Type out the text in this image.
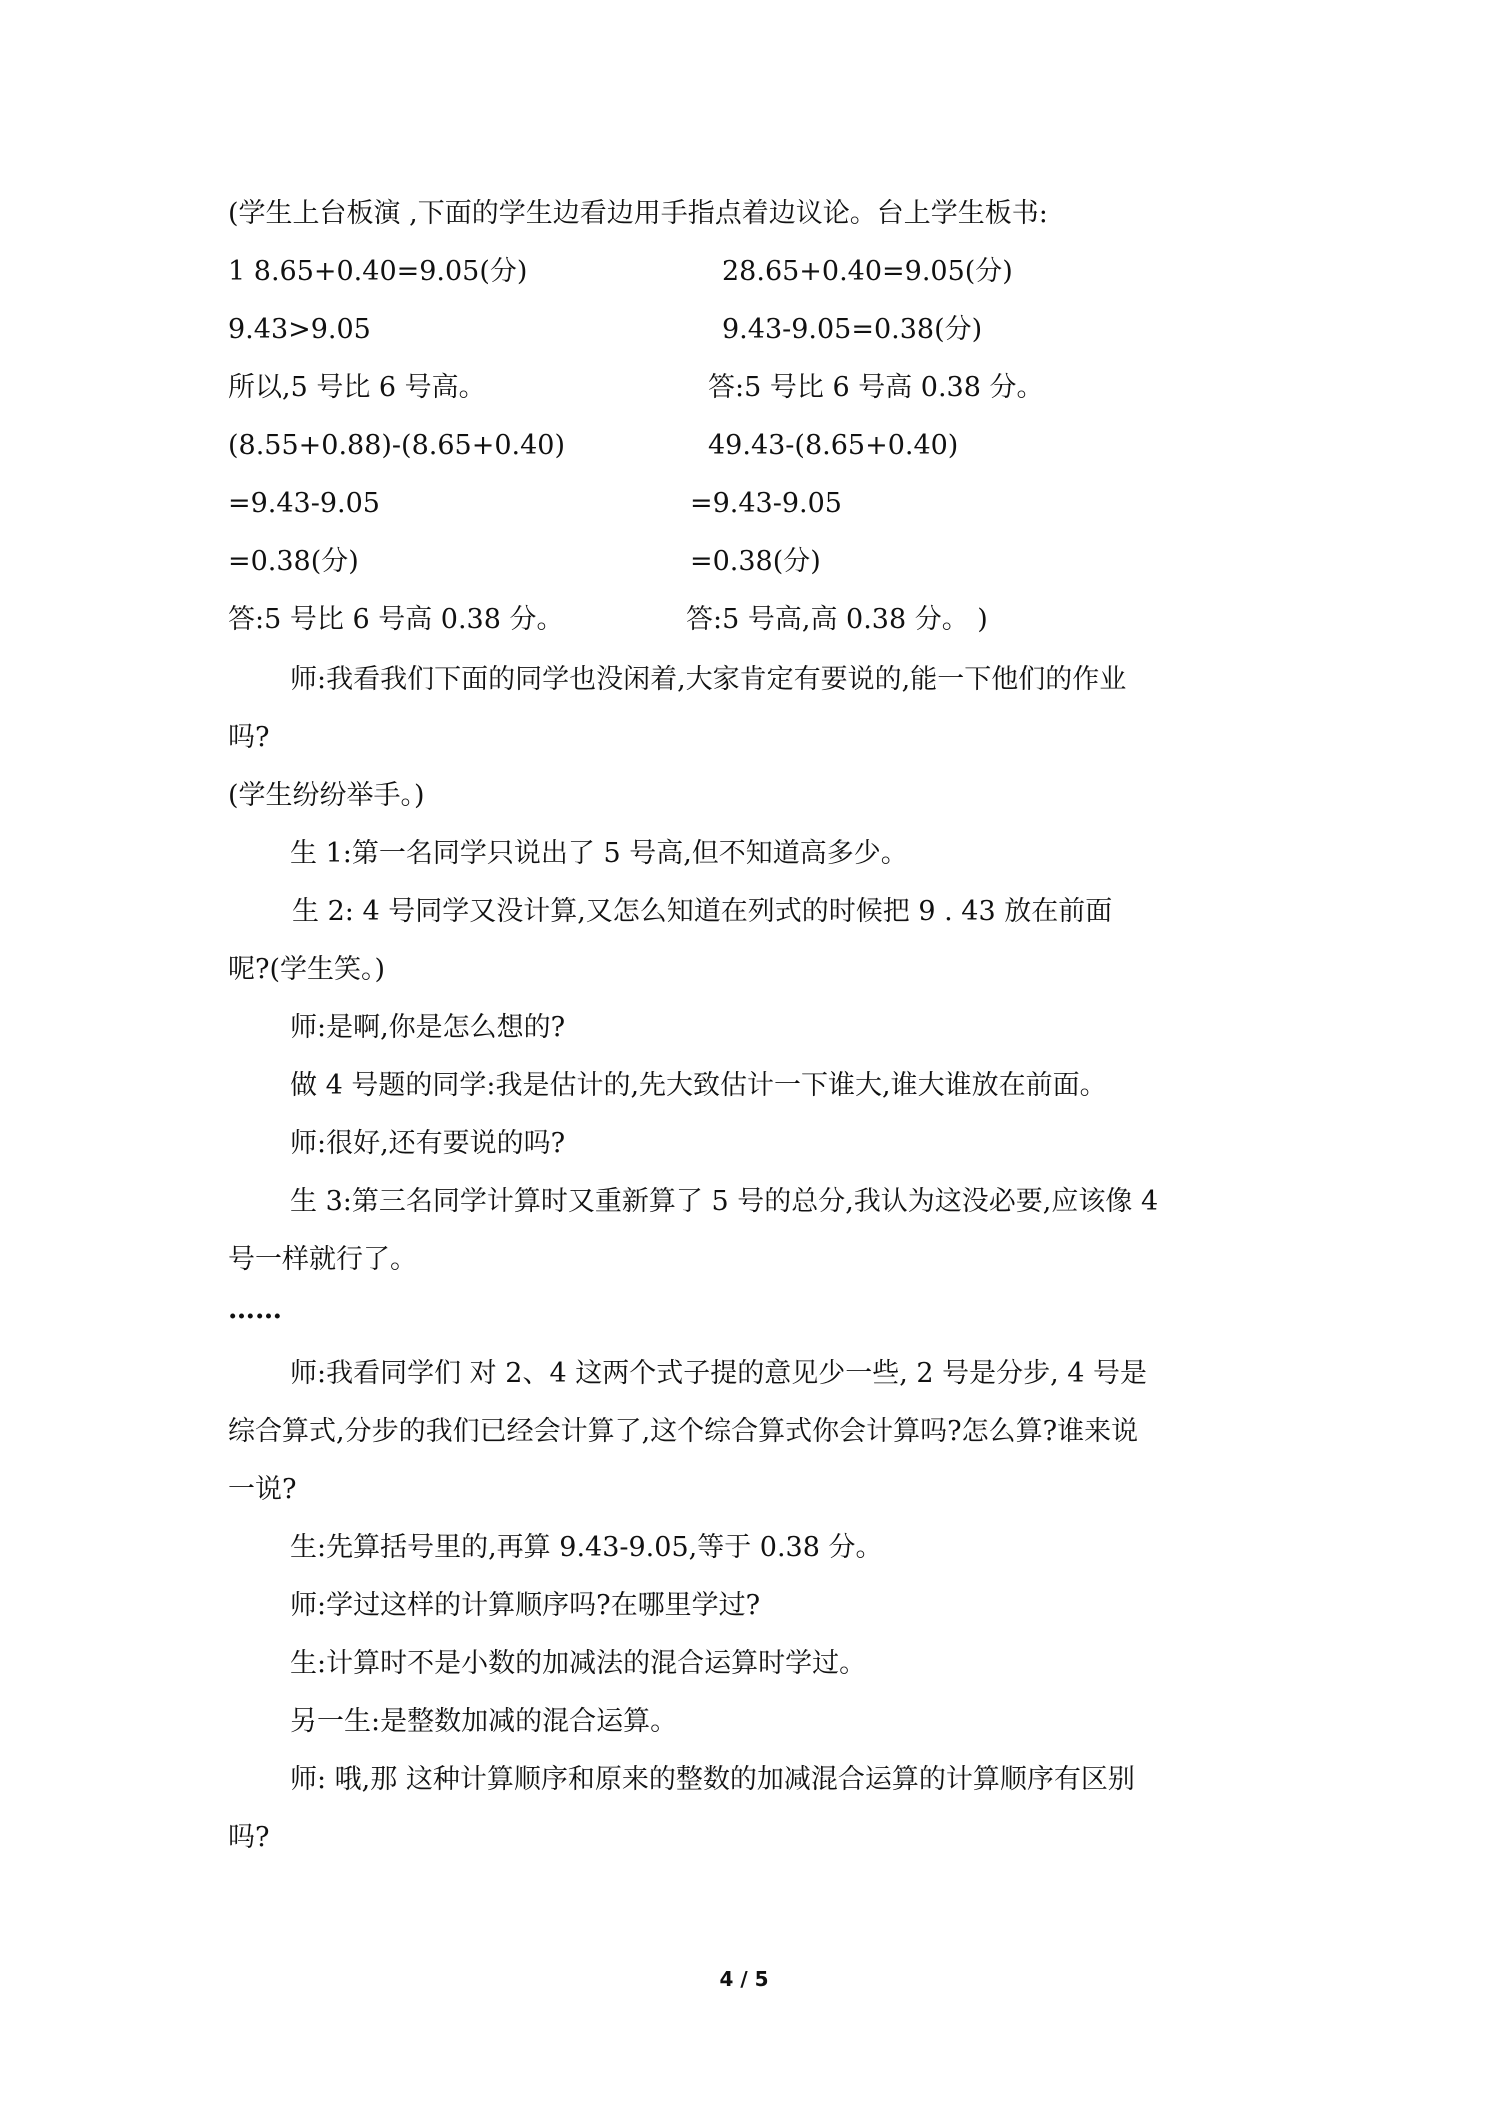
(学生上台板演 ,下面的学生边看边用手指点着边议论。台上学生板书:
1 8.65+0.40=9.05(分)	28.65+0.40=9.05(分)
9.43>9.05	9.43-9.05=0.38(分)
所以,5 号比 6 号高。	答:5 号比 6 号高 0.38 分。
(8.55+0.88)-(8.65+0.40)	49.43-(8.65+0.40)
=9.43-9.05	=9.43-9.05
=0.38(分)	=0.38(分)
答:5 号比 6 号高 0.38 分。	答:5 号高,高 0.38 分。 )
师:我看我们下面的同学也没闲着,大家肯定有要说的,能一下他们的作业
吗?
(学生纷纷举手。)
生 1:第一名同学只说出了 5 号高,但不知道高多少。
生 2: 4 号同学又没计算,又怎么知道在列式的时候把 9 . 43 放在前面
呢?(学生笑。)
师:是啊,你是怎么想的?
做 4 号题的同学:我是估计的,先大致估计一下谁大,谁大谁放在前面。
师:很好,还有要说的吗?
生 3:第三名同学计算时又重新算了 5 号的总分,我认为这没必要,应该像 4
号一样就行了。
……
师:我看同学们 对 2、4 这两个式子提的意见少一些, 2 号是分步, 4 号是
综合算式,分步的我们已经会计算了,这个综合算式你会计算吗?怎么算?谁来说
一说?
生:先算括号里的,再算 9.43-9.05,等于 0.38 分。
师:学过这样的计算顺序吗?在哪里学过?
生:计算时不是小数的加减法的混合运算时学过。
另一生:是整数加减的混合运算。
师: 哦,那 这种计算顺序和原来的整数的加减混合运算的计算顺序有区别
吗?
4 / 5
